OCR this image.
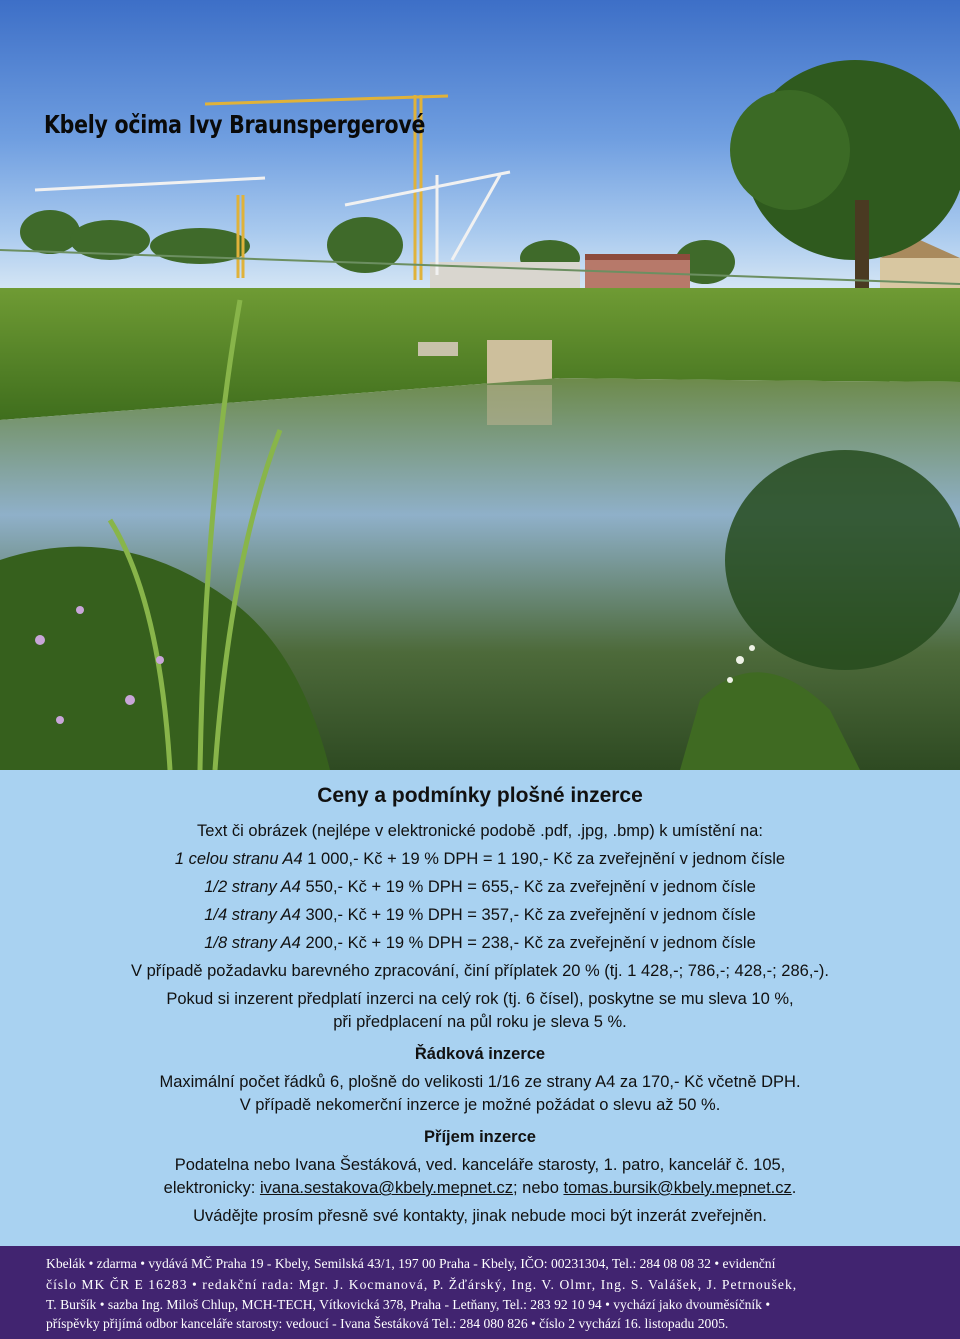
Kbely očima Ivy Braunspergerové
Ceny a podmínky plošné inzerce
Text či obrázek (nejlépe v elektronické podobě .pdf, .jpg, .bmp) k umístění na:
1 celou stranu A4 1 000,- Kč + 19 % DPH = 1 190,- Kč za zveřejnění v jednom čísle
1/2 strany A4 550,- Kč + 19 % DPH = 655,- Kč za zveřejnění v jednom čísle
1/4 strany A4 300,- Kč + 19 % DPH = 357,- Kč za zveřejnění v jednom čísle
1/8 strany A4 200,- Kč + 19 % DPH = 238,- Kč za zveřejnění v jednom čísle
V případě požadavku barevného zpracování, činí příplatek 20 % (tj. 1 428,-; 786,-; 428,-; 286,-).
Pokud si inzerent předplatí inzerci na celý rok (tj. 6 čísel), poskytne se mu sleva 10 %,
při předplacení na půl roku je sleva 5 %.
Řádková inzerce
Maximální počet řádků 6, plošně do velikosti 1/16 ze strany A4 za 170,- Kč včetně DPH.
V případě nekomerční inzerce je možné požádat o slevu až 50 %.
Příjem inzerce
Podatelna nebo Ivana Šestáková, ved. kanceláře starosty, 1. patro, kancelář č. 105,
elektronicky: ivana.sestakova@kbely.mepnet.cz; nebo tomas.bursik@kbely.mepnet.cz.
Uvádějte prosím přesně své kontakty, jinak nebude moci být inzerát zveřejněn.
Kbelák • zdarma • vydává MČ Praha 19 - Kbely, Semilská 43/1, 197 00 Praha - Kbely, IČO: 00231304, Tel.: 284 08 08 32 • evidenční
číslo MK ČR E 16283 • redakční rada: Mgr. J. Kocmanová, P. Žďárský, Ing. V. Olmr, Ing. S. Valášek, J. Petrnoušek,
T. Buršík • sazba Ing. Miloš Chlup, MCH-TECH, Vítkovická 378, Praha - Letňany, Tel.: 283 92 10 94 • vychází jako dvouměsíčník •
příspěvky přijímá odbor kanceláře starosty: vedoucí - Ivana Šestáková Tel.: 284 080 826 • číslo 2 vychází 16. listopadu 2005.
